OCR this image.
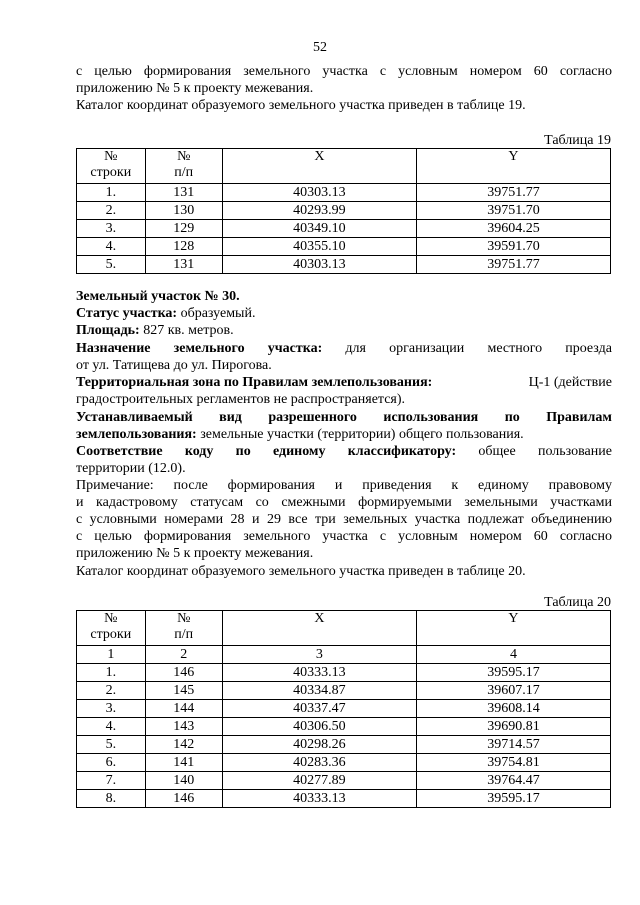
52
с целью формирования земельного участка с условным номером 60 согласно
приложению № 5 к проекту межевания.
Каталог координат образуемого земельного участка приведен в таблице 19.
Таблица 19
№
строки	№
п/п	X	Y
1.	131	40303.13	39751.77
2.	130	40293.99	39751.70
3.	129	40349.10	39604.25
4.	128	40355.10	39591.70
5.	131	40303.13	39751.77
Земельный участок № 30.
Статус участка: образуемый.
Площадь: 827 кв. метров.
Назначение земельного участка: для организации местного проезда
от ул. Татищева до ул. Пирогова.
Территориальная зона по Правилам землепользования:	Ц-1 (действие
градостроительных регламентов не распространяется).
Устанавливаемый вид разрешенного использования по Правилам
землепользования: земельные участки (территории) общего пользования.
Соответствие коду по единому классификатору: общее пользование
территории (12.0).
Примечание: после формирования и приведения к единому правовому
и кадастровому статусам со смежными формируемыми земельными участками
с условными номерами 28 и 29 все три земельных участка подлежат объединению
с целью формирования земельного участка с условным номером 60 согласно
приложению № 5 к проекту межевания.
Каталог координат образуемого земельного участка приведен в таблице 20.
Таблица 20
№
строки	№
п/п	X	Y
1	2	3	4
1.	146	40333.13	39595.17
2.	145	40334.87	39607.17
3.	144	40337.47	39608.14
4.	143	40306.50	39690.81
5.	142	40298.26	39714.57
6.	141	40283.36	39754.81
7.	140	40277.89	39764.47
8.	146	40333.13	39595.17
